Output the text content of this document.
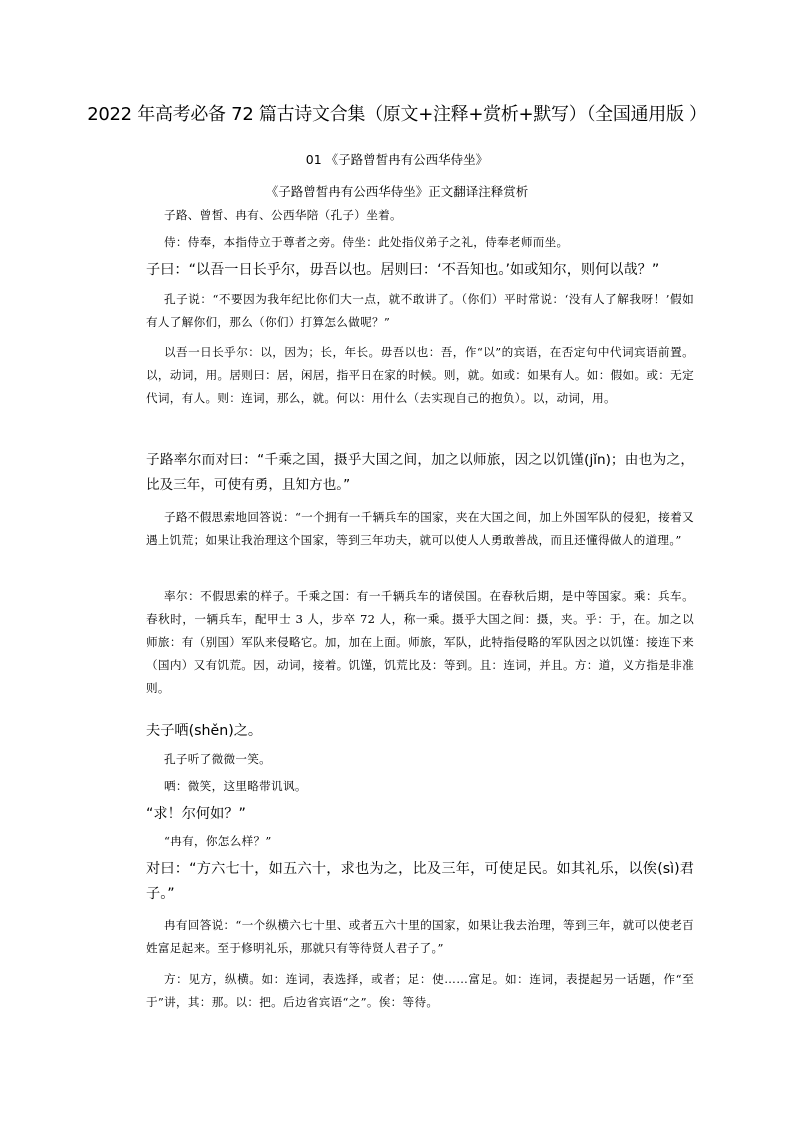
2022 年高考必备 72 篇古诗文合集（原文+注释+赏析+默写）（全国通用版 ）
01 《子路曾皙冉有公西华侍坐》
《子路曾皙冉有公西华侍坐》正文翻译注释赏析
子路、曾皙、冉有、公西华陪（孔子）坐着。
侍：侍奉，本指侍立于尊者之旁。侍坐：此处指仪弟子之礼，侍奉老师而坐。
子曰：“以吾一日长乎尔，毋吾以也。居则曰：‘不吾知也。’如或知尔，则何以哉？”
孔子说：“不要因为我年纪比你们大一点，就不敢讲了。（你们）平时常说：‘没有人了解我呀！’假如有人了解你们，那么（你们）打算怎么做呢？”
以吾一日长乎尔：以，因为；长，年长。毋吾以也：吾，作“以”的宾语，在否定句中代词宾语前置。以，动词，用。居则曰：居，闲居，指平日在家的时候。则，就。如或：如果有人。如：假如。或：无定代词，有人。则：连词，那么，就。何以：用什么（去实现自己的抱负）。以，动词，用。
子路率尔而对曰：“千乘之国，摄乎大国之间，加之以师旅，因之以饥馑(jǐn)；由也为之，比及三年，可使有勇，且知方也。”
子路不假思索地回答说：“一个拥有一千辆兵车的国家，夹在大国之间，加上外国军队的侵犯，接着又遇上饥荒；如果让我治理这个国家，等到三年功夫，就可以使人人勇敢善战，而且还懂得做人的道理。”
率尔：不假思索的样子。千乘之国：有一千辆兵车的诸侯国。在春秋后期，是中等国家。乘：兵车。春秋时，一辆兵车，配甲士 3 人，步卒 72 人，称一乘。摄乎大国之间：摄，夹。乎：于，在。加之以师旅：有（别国）军队来侵略它。加，加在上面。师旅，军队，此特指侵略的军队因之以饥馑：接连下来（国内）又有饥荒。因，动词，接着。饥馑，饥荒比及：等到。且：连词，并且。方：道，义方指是非准则。
夫子哂(shěn)之。
孔子听了微微一笑。
哂：微笑，这里略带讥讽。
“求！尔何如？”
“冉有，你怎么样？”
对曰：“方六七十，如五六十，求也为之，比及三年，可使足民。如其礼乐，以俟(sì)君子。”
冉有回答说：“一个纵横六七十里、或者五六十里的国家，如果让我去治理，等到三年，就可以使老百姓富足起来。至于修明礼乐，那就只有等待贤人君子了。”
方：见方，纵横。如：连词，表选择，或者；足：使……富足。如：连词，表提起另一话题，作“至于”讲，其：那。以：把。后边省宾语“之”。俟：等待。
